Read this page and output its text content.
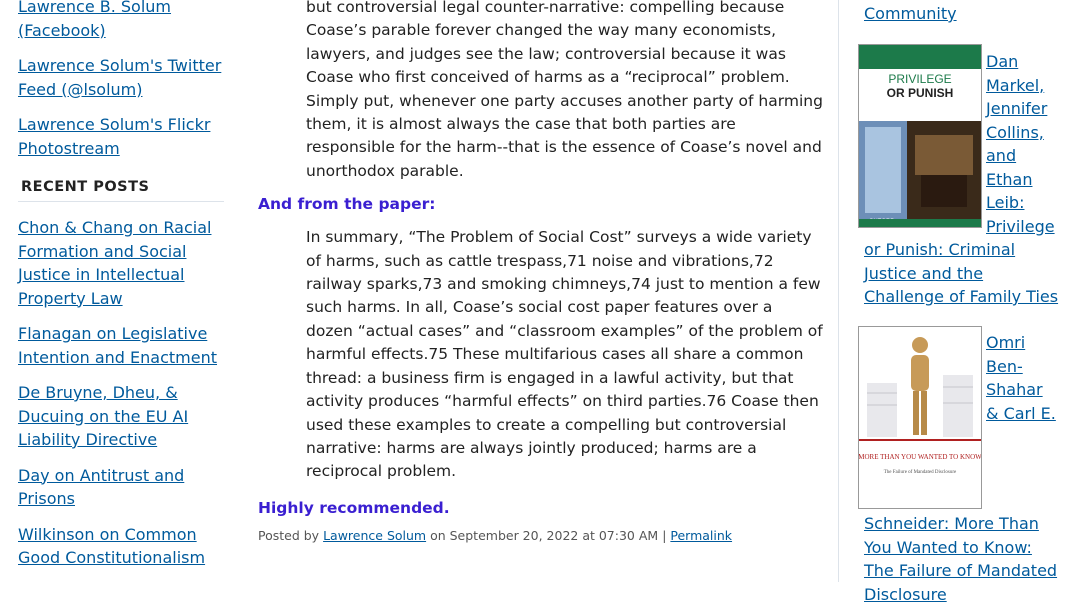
Lawrence B. Solum (Facebook)
Lawrence Solum's Twitter Feed (@lsolum)
Lawrence Solum's Flickr Photostream
RECENT POSTS
Chon & Chang on Racial Formation and Social Justice in Intellectual Property Law
Flanagan on Legislative Intention and Enactment
De Bruyne, Dheu, & Ducuing on the EU AI Liability Directive
Day on Antitrust and Prisons
Wilkinson on Common Good Constitutionalism
but controversial legal counter-narrative: compelling because Coase’s parable forever changed the way many economists, lawyers, and judges see the law; controversial because it was Coase who first conceived of harms as a “reciprocal” problem. Simply put, whenever one party accuses another party of harming them, it is almost always the case that both parties are responsible for the harm--that is the essence of Coase’s novel and unorthodox parable.
And from the paper:
In summary, “The Problem of Social Cost” surveys a wide variety of harms, such as cattle trespass,71 noise and vibrations,72 railway sparks,73 and smoking chimneys,74 just to mention a few such harms. In all, Coase’s social cost paper features over a dozen “actual cases” and “classroom examples” of the problem of harmful effects.75 These multifarious cases all share a common thread: a business firm is engaged in a lawful activity, but that activity produces “harmful effects” on third parties.76 Coase then used these examples to create a compelling but controversial narrative: harms are always jointly produced; harms are a reciprocal problem.
Highly recommended.
Posted by Lawrence Solum on September 20, 2022 at 07:30 AM | Permalink
Community
Dan Markel, Jennifer Collins, and Ethan Leib: Privilege or Punish: Criminal Justice and the Challenge of Family Ties
Omri Ben-Shahar & Carl E. Schneider: More Than You Wanted to Know: The Failure of Mandated Disclosure
PRIVILEGE
OR PUNISH
MORE THAN YOU WANTED TO KNOW
The Failure of Mandated Disclosure
